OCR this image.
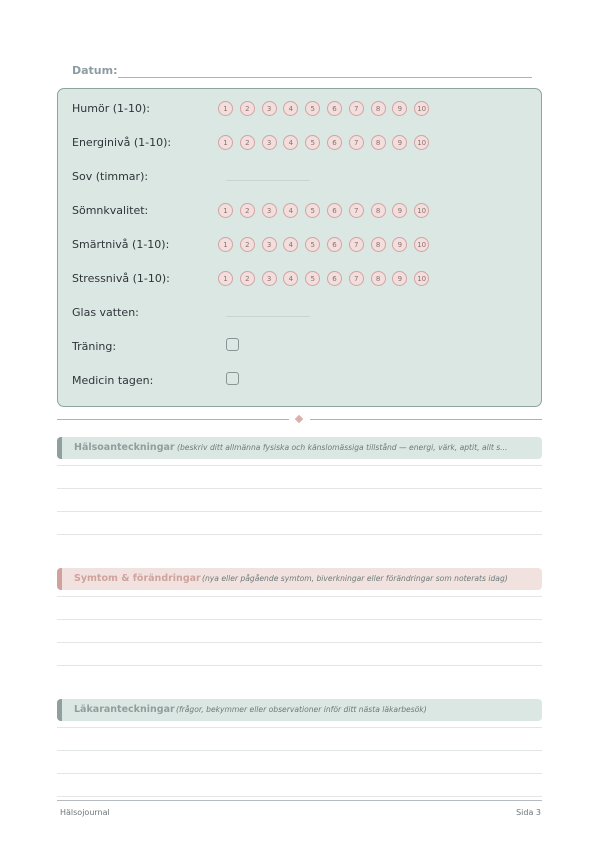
Datum:
Humör (1-10):	1	2	3	4	5	6	7	8	9	10
Energinivå (1-10):	1	2	3	4	5	6	7	8	9	10
Sov (timmar):
Sömnkvalitet:	1	2	3	4	5	6	7	8	9	10
Smärtnivå (1-10):	1	2	3	4	5	6	7	8	9	10
Stressnivå (1-10):	1	2	3	4	5	6	7	8	9	10
Glas vatten:
Träning:
Medicin tagen:
Hälsoanteckningar (beskriv ditt allmänna fysiska och känslomässiga tillstånd — energi, värk, aptit, allt s...
Symtom & förändringar (nya eller pågående symtom, biverkningar eller förändringar som noterats idag)
Läkaranteckningar (frågor, bekymmer eller observationer inför ditt nästa läkarbesök)
Hälsojournal	Sida 3
